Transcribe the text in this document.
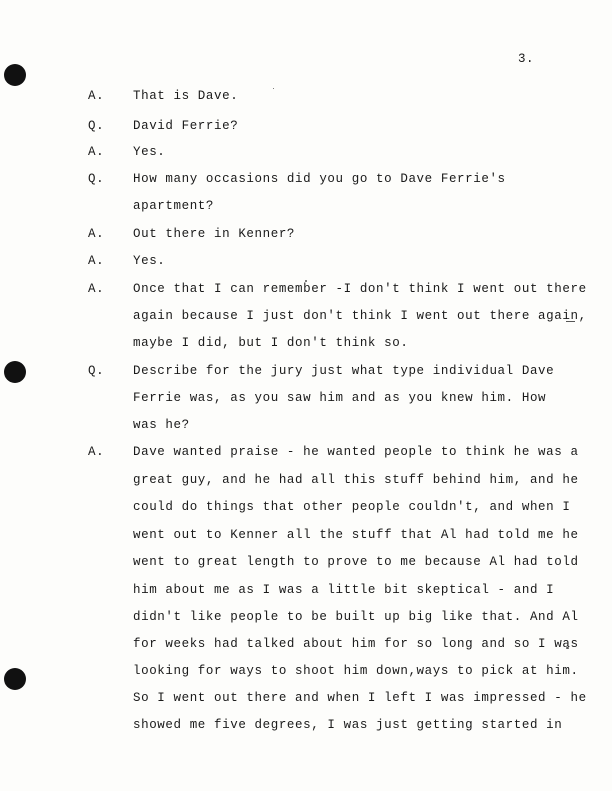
3.
A. That is Dave.
Q. David Ferrie?
A. Yes.
Q. How many occasions did you go to Dave Ferrie's
apartment?
A. Out there in Kenner?
A. Yes.
A. Once that I can remember -I don't think I went out there
again because I just don't think I went out there again,
maybe I did, but I don't think so.
Q. Describe for the jury just what type individual Dave
Ferrie was, as you saw him and as you knew him. How
was he?
A. Dave wanted praise - he wanted people to think he was a
great guy, and he had all this stuff behind him, and he
could do things that other people couldn't, and when I
went out to Kenner all the stuff that Al had told me he
went to great length to prove to me because Al had told
him about me as I was a little bit skeptical - and I
didn't like people to be built up big like that. And Al
for weeks had talked about him for so long and so I was
looking for ways to shoot him down,ways to pick at him.
So I went out there and when I left I was impressed - he
showed me five degrees, I was just getting started in
